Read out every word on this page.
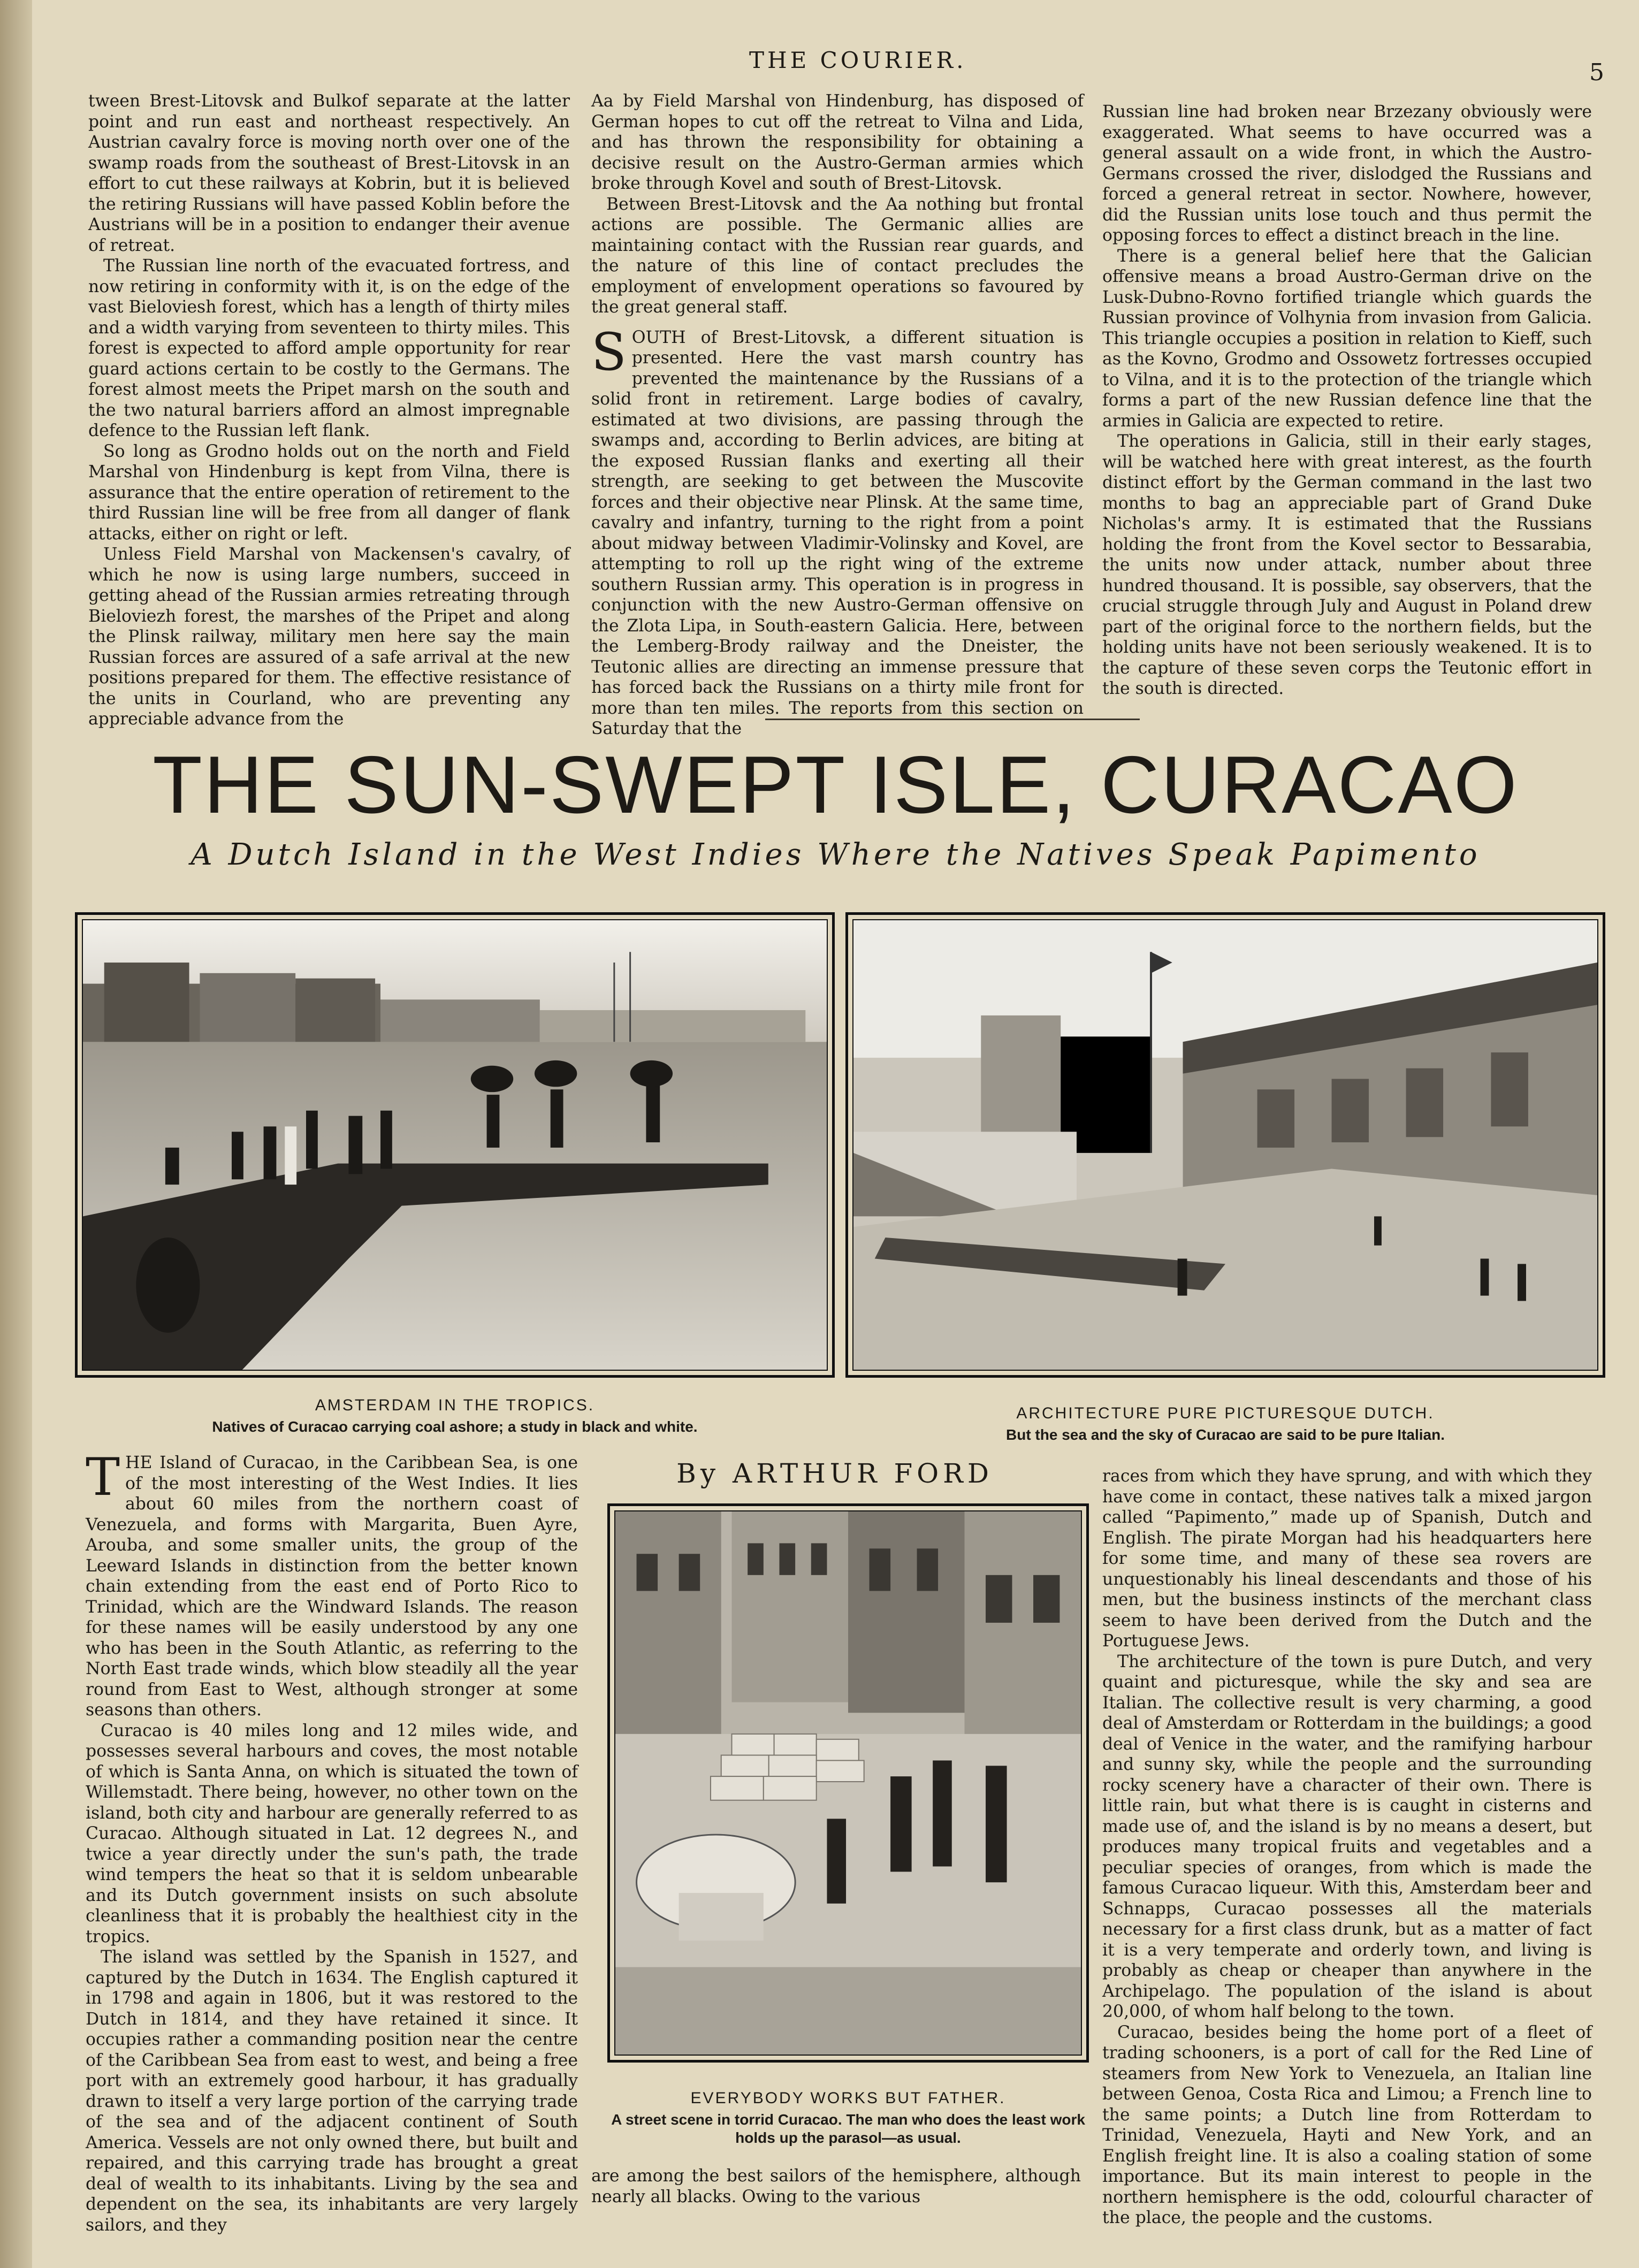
THE COURIER.	5

tween Brest-Litovsk and Bulkof separate at the latter point and run east and northeast respectively. An Austrian cavalry force is moving north over one of the swamp roads from the southeast of Brest-Litovsk in an effort to cut these railways at Kobrin, but it is believed the retiring Russians will have passed Koblin before the Austrians will be in a position to endanger their avenue of retreat.

The Russian line north of the evacuated fortress, and now retiring in conformity with it, is on the edge of the vast Bieloviesh forest, which has a length of thirty miles and a width varying from seventeen to thirty miles. This forest is expected to afford ample opportunity for rear guard actions certain to be costly to the Germans. The forest almost meets the Pripet marsh on the south and the two natural barriers afford an almost impregnable defence to the Russian left flank.

So long as Grodno holds out on the north and Field Marshal von Hindenburg is kept from Vilna, there is assurance that the entire operation of retirement to the third Russian line will be free from all danger of flank attacks, either on right or left.

Unless Field Marshal von Mackensen's cavalry, of which he now is using large numbers, succeed in getting ahead of the Russian armies retreating through Bieloviezh forest, the marshes of the Pripet and along the Plinsk railway, military men here say the main Russian forces are assured of a safe arrival at the new positions prepared for them. The effective resistance of the units in Courland, who are preventing any appreciable advance from the

Aa by Field Marshal von Hindenburg, has disposed of German hopes to cut off the retreat to Vilna and Lida, and has thrown the responsibility for obtaining a decisive result on the Austro-German armies which broke through Kovel and south of Brest-Litovsk.

Between Brest-Litovsk and the Aa nothing but frontal actions are possible. The Germanic allies are maintaining contact with the Russian rear guards, and the nature of this line of contact precludes the employment of envelopment operations so favoured by the great general staff.

SOUTH of Brest-Litovsk, a different situation is presented. Here the vast marsh country has prevented the maintenance by the Russians of a solid front in retirement. Large bodies of cavalry, estimated at two divisions, are passing through the swamps and, according to Berlin advices, are biting at the exposed Russian flanks and exerting all their strength, are seeking to get between the Muscovite forces and their objective near Plinsk. At the same time, cavalry and infantry, turning to the right from a point about midway between Vladimir-Volinsky and Kovel, are attempting to roll up the right wing of the extreme southern Russian army. This operation is in progress in conjunction with the new Austro-German offensive on the Zlota Lipa, in South-eastern Galicia. Here, between the Lemberg-Brody railway and the Dneister, the Teutonic allies are directing an immense pressure that has forced back the Russians on a thirty mile front for more than ten miles. The reports from this section on Saturday that the

Russian line had broken near Brzezany obviously were exaggerated. What seems to have occurred was a general assault on a wide front, in which the Austro-Germans crossed the river, dislodged the Russians and forced a general retreat in sector. Nowhere, however, did the Russian units lose touch and thus permit the opposing forces to effect a distinct breach in the line.

There is a general belief here that the Galician offensive means a broad Austro-German drive on the Lusk-Dubno-Rovno fortified triangle which guards the Russian province of Volhynia from invasion from Galicia. This triangle occupies a position in relation to Kieff, such as the Kovno, Grodmo and Ossowetz fortresses occupied to Vilna, and it is to the protection of the triangle which forms a part of the new Russian defence line that the armies in Galicia are expected to retire.

The operations in Galicia, still in their early stages, will be watched here with great interest, as the fourth distinct effort by the German command in the last two months to bag an appreciable part of Grand Duke Nicholas's army. It is estimated that the Russians holding the front from the Kovel sector to Bessarabia, the units now under attack, number about three hundred thousand. It is possible, say observers, that the crucial struggle through July and August in Poland drew part of the original force to the northern fields, but the holding units have not been seriously weakened. It is to the capture of these seven corps the Teutonic effort in the south is directed.

THE SUN-SWEPT ISLE, CURACAO
A Dutch Island in the West Indies Where the Natives Speak Papimento
AMSTERDAM IN THE TROPICS.
Natives of Curacao carrying coal ashore; a study in black and white.
ARCHITECTURE PURE PICTURESQUE DUTCH.
But the sea and the sky of Curacao are said to be pure Italian.

THE Island of Curacao, in the Caribbean Sea, is one of the most interesting of the West Indies. It lies about 60 miles from the northern coast of Venezuela, and forms with Margarita, Buen Ayre, Arouba, and some smaller units, the group of the Leeward Islands in distinction from the better known chain extending from the east end of Porto Rico to Trinidad, which are the Windward Islands. The reason for these names will be easily understood by any one who has been in the South Atlantic, as referring to the North East trade winds, which blow steadily all the year round from East to West, although stronger at some seasons than others.

Curacao is 40 miles long and 12 miles wide, and possesses several harbours and coves, the most notable of which is Santa Anna, on which is situated the town of Willemstadt. There being, however, no other town on the island, both city and harbour are generally referred to as Curacao. Although situated in Lat. 12 degrees N., and twice a year directly under the sun's path, the trade wind tempers the heat so that it is seldom unbearable and its Dutch government insists on such absolute cleanliness that it is probably the healthiest city in the tropics.

The island was settled by the Spanish in 1527, and captured by the Dutch in 1634. The English captured it in 1798 and again in 1806, but it was restored to the Dutch in 1814, and they have retained it since. It occupies rather a commanding position near the centre of the Caribbean Sea from east to west, and being a free port with an extremely good harbour, it has gradually drawn to itself a very large portion of the carrying trade of the sea and of the adjacent continent of South America. Vessels are not only owned there, but built and repaired, and this carrying trade has brought a great deal of wealth to its inhabitants. Living by the sea and dependent on the sea, its inhabitants are very largely sailors, and they

By ARTHUR FORD
EVERYBODY WORKS BUT FATHER.
A street scene in torrid Curacao. The man who does the least work holds up the parasol—as usual.

are among the best sailors of the hemisphere, although nearly all blacks. Owing to the various

races from which they have sprung, and with which they have come in contact, these natives talk a mixed jargon called “Papimento,” made up of Spanish, Dutch and English. The pirate Morgan had his headquarters here for some time, and many of these sea rovers are unquestionably his lineal descendants and those of his men, but the business instincts of the merchant class seem to have been derived from the Dutch and the Portuguese Jews.

The architecture of the town is pure Dutch, and very quaint and picturesque, while the sky and sea are Italian. The collective result is very charming, a good deal of Amsterdam or Rotterdam in the buildings; a good deal of Venice in the water, and the ramifying harbour and sunny sky, while the people and the surrounding rocky scenery have a character of their own. There is little rain, but what there is is caught in cisterns and made use of, and the island is by no means a desert, but produces many tropical fruits and vegetables and a peculiar species of oranges, from which is made the famous Curacao liqueur. With this, Amsterdam beer and Schnapps, Curacao possesses all the materials necessary for a first class drunk, but as a matter of fact it is a very temperate and orderly town, and living is probably as cheap or cheaper than anywhere in the Archipelago. The population of the island is about 20,000, of whom half belong to the town.

Curacao, besides being the home port of a fleet of trading schooners, is a port of call for the Red Line of steamers from New York to Venezuela, an Italian line between Genoa, Costa Rica and Limou; a French line to the same points; a Dutch line from Rotterdam to Trinidad, Venezuela, Hayti and New York, and an English freight line. It is also a coaling station of some importance. But its main interest to people in the northern hemisphere is the odd, colourful character of the place, the people and the customs.
